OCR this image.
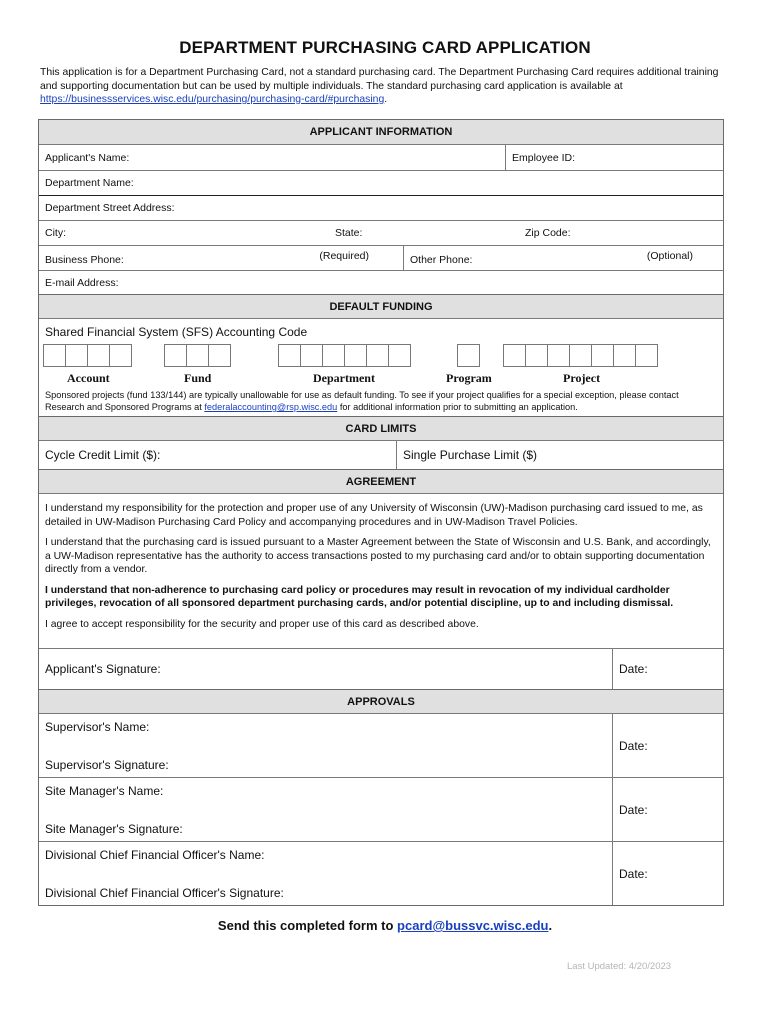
DEPARTMENT PURCHASING CARD APPLICATION
This application is for a Department Purchasing Card, not a standard purchasing card. The Department Purchasing Card requires additional training and supporting documentation but can be used by multiple individuals. The standard purchasing card application is available at https://businessservices.wisc.edu/purchasing/purchasing-card/#purchasing.
APPLICANT INFORMATION
Applicant's Name:	Employee ID:
Department Name:
Department Street Address:
City:	State:	Zip Code:
Business Phone:	(Required)	Other Phone:	(Optional)
E-mail Address:
DEFAULT FUNDING
Shared Financial System (SFS) Accounting Code
Account	Fund	Department	Program	Project
Sponsored projects (fund 133/144) are typically unallowable for use as default funding. To see if your project qualifies for a special exception, please contact Research and Sponsored Programs at federalaccounting@rsp.wisc.edu for additional information prior to submitting an application.
CARD LIMITS
Cycle Credit Limit ($):	Single Purchase Limit ($)
AGREEMENT

I understand my responsibility for the protection and proper use of any University of Wisconsin (UW)-Madison purchasing card issued to me, as detailed in UW-Madison Purchasing Card Policy and accompanying procedures and in UW-Madison Travel Policies.

I understand that the purchasing card is issued pursuant to a Master Agreement between the State of Wisconsin and U.S. Bank, and accordingly, a UW-Madison representative has the authority to access transactions posted to my purchasing card and/or to obtain supporting documentation directly from a vendor.

I understand that non-adherence to purchasing card policy or procedures may result in revocation of my individual cardholder privileges, revocation of all sponsored department purchasing cards, and/or potential discipline, up to and including dismissal.

I agree to accept responsibility for the security and proper use of this card as described above.

Applicant's Signature:	Date:
APPROVALS
Supervisor's Name:
Supervisor's Signature:
Date:
Site Manager's Name:
Site Manager's Signature:
Date:
Divisional Chief Financial Officer's Name:
Divisional Chief Financial Officer's Signature:
Date:
Send this completed form to pcard@bussvc.wisc.edu.
Last Updated: 4/20/2023
